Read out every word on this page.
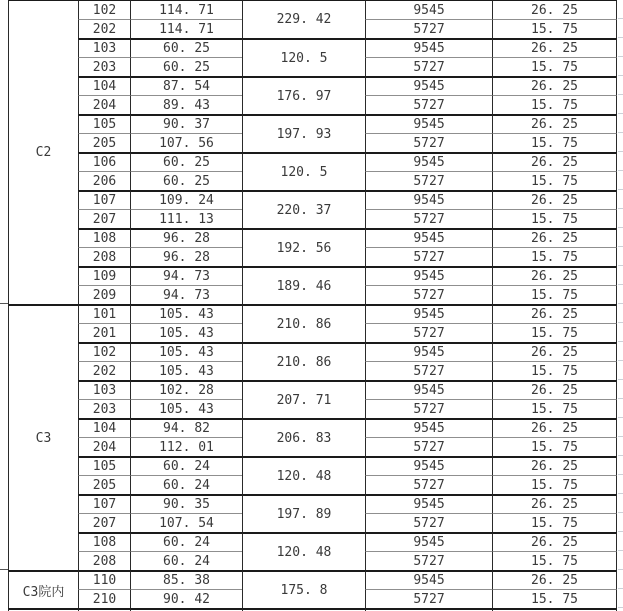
C2	102	114. 71	229. 42	9545	26. 25
	202	114. 71		5727	15. 75
	103	60. 25	120. 5	9545	26. 25
	203	60. 25		5727	15. 75
	104	87. 54	176. 97	9545	26. 25
	204	89. 43		5727	15. 75
	105	90. 37	197. 93	9545	26. 25
	205	107. 56		5727	15. 75
	106	60. 25	120. 5	9545	26. 25
	206	60. 25		5727	15. 75
	107	109. 24	220. 37	9545	26. 25
	207	111. 13		5727	15. 75
	108	96. 28	192. 56	9545	26. 25
	208	96. 28		5727	15. 75
	109	94. 73	189. 46	9545	26. 25
	209	94. 73		5727	15. 75
C3	101	105. 43	210. 86	9545	26. 25
	201	105. 43		5727	15. 75
	102	105. 43	210. 86	9545	26. 25
	202	105. 43		5727	15. 75
	103	102. 28	207. 71	9545	26. 25
	203	105. 43		5727	15. 75
	104	94. 82	206. 83	9545	26. 25
	204	112. 01		5727	15. 75
	105	60. 24	120. 48	9545	26. 25
	205	60. 24		5727	15. 75
	107	90. 35	197. 89	9545	26. 25
	207	107. 54		5727	15. 75
	108	60. 24	120. 48	9545	26. 25
	208	60. 24		5727	15. 75
C3院内	110	85. 38	175. 8	9545	26. 25
	210	90. 42		5727	15. 75
